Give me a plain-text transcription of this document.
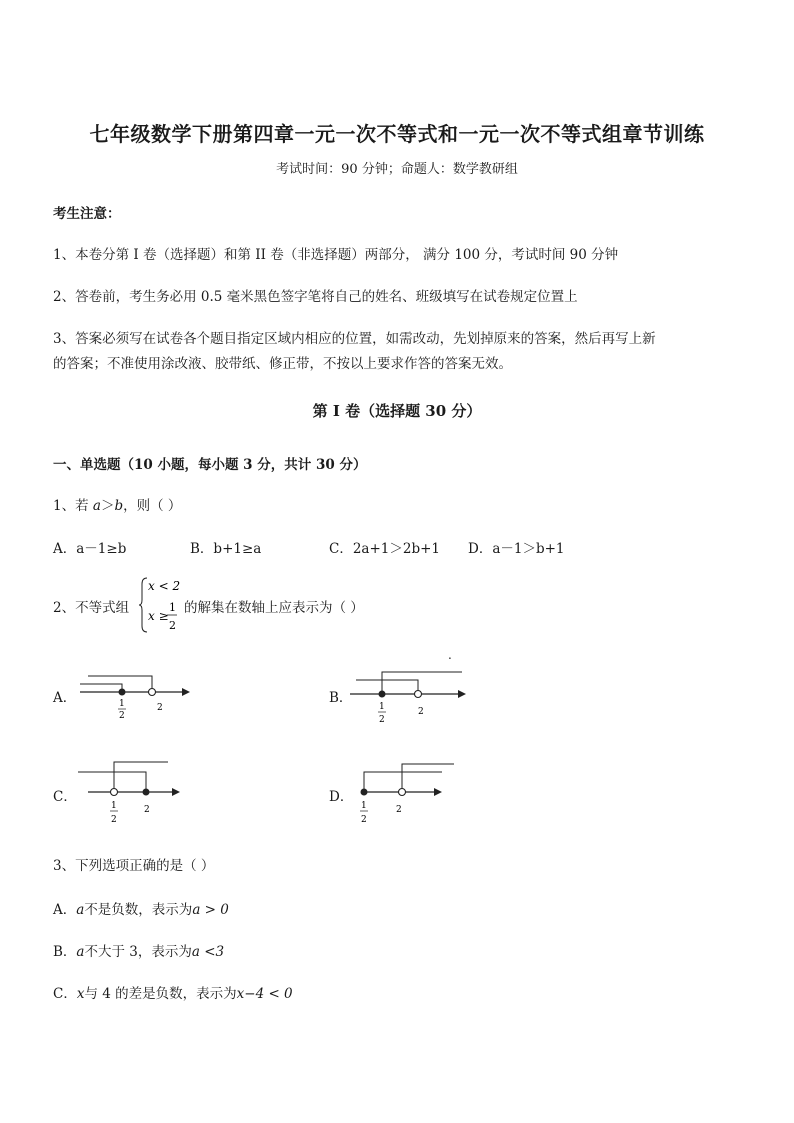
七年级数学下册第四章一元一次不等式和一元一次不等式组章节训练
考试时间：90 分钟；命题人：数学教研组
考生注意：
1、本卷分第 I 卷（选择题）和第 II 卷（非选择题）两部分， 满分 100 分，考试时间 90 分钟
2、答卷前，考生务必用 0.5 毫米黑色签字笔将自己的姓名、班级填写在试卷规定位置上
3、答案必须写在试卷各个题目指定区域内相应的位置，如需改动，先划掉原来的答案，然后再写上新
的答案；不准使用涂改液、胶带纸、修正带，不按以上要求作答的答案无效。
第 I 卷（选择题 30 分）
一、单选题（10 小题，每小题 3 分，共计 30 分）
1、若 a＞b，则（ ）
A．a－1≥b	B．b+1≥a	C．2a+1＞2b+1 D．a－1＞b+1
2、不等式组
x < 2
x ≥
1
2
的解集在数轴上应表示为（ ）
A．	1
2
2
B．
1
2
2
.
C．
1
2
2
D．
1
2
2
3、下列选项正确的是（ ）
A．a不是负数，表示为a > 0
B．a不大于 3，表示为a <3
C．x与 4 的差是负数，表示为x−4 < 0
